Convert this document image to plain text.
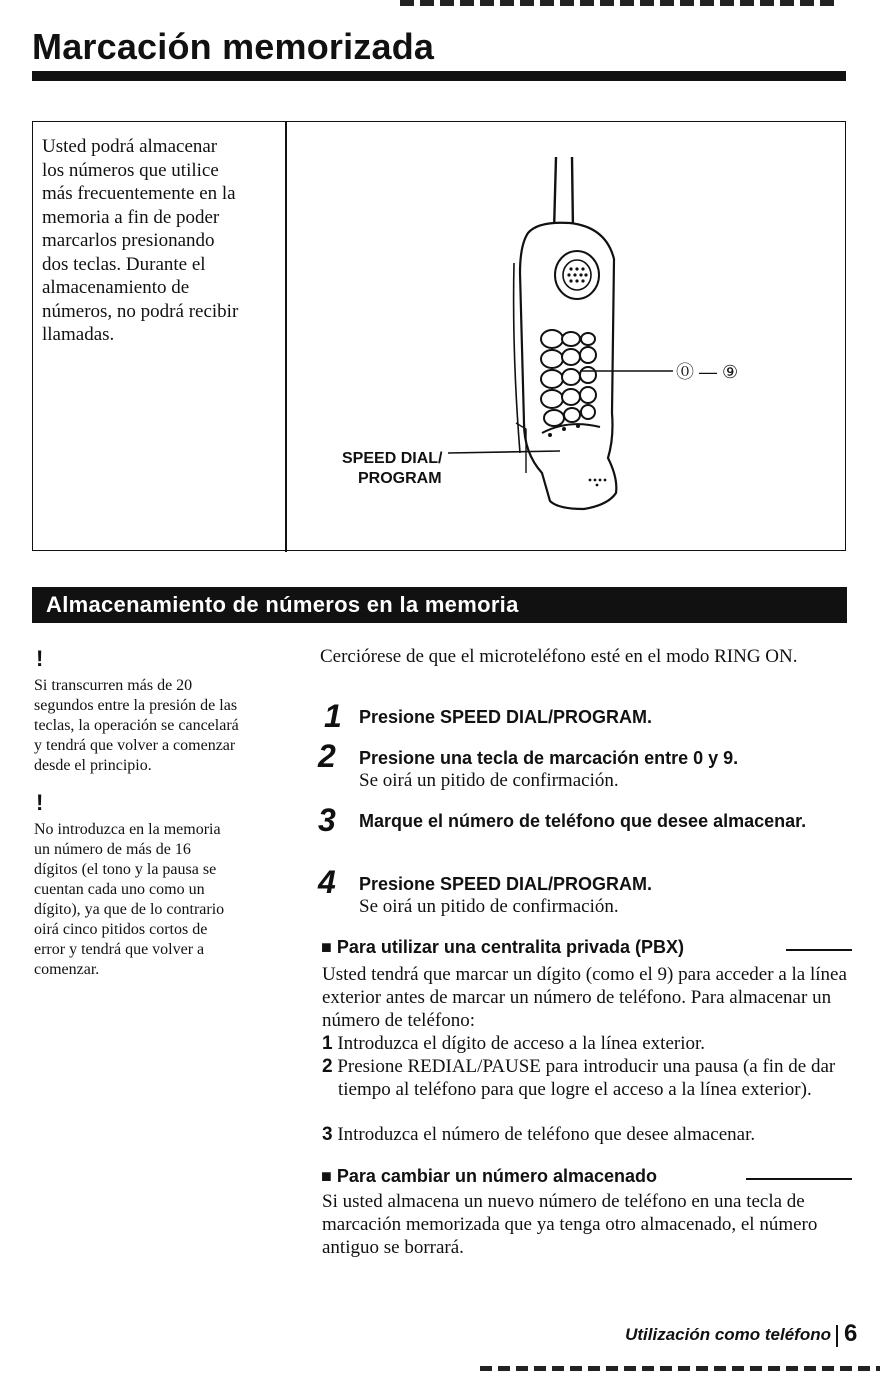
Marcación memorizada
Usted podrá almacenar
los números que utilice
más frecuentemente en la
memoria a fin de poder
marcarlos presionando
dos teclas. Durante el
almacenamiento de
números, no podrá recibir
llamadas.
⓪ — ⑨
SPEED DIAL/
PROGRAM
Almacenamiento de números en la memoria
!
Si transcurren más de 20
segundos entre la presión de las
teclas, la operación se cancelará
y tendrá que volver a comenzar
desde el principio.
!
No introduzca en la memoria
un número de más de 16
dígitos (el tono y la pausa se
cuentan cada uno como un
dígito), ya que de lo contrario
oirá cinco pitidos cortos de
error y tendrá que volver a
comenzar.
Cerciórese de que el microteléfono esté en el modo RING ON.
1 Presione SPEED DIAL/PROGRAM.
2 Presione una tecla de marcación entre 0 y 9.
Se oirá un pitido de confirmación.
3 Marque el número de teléfono que desee almacenar.
4 Presione SPEED DIAL/PROGRAM.
Se oirá un pitido de confirmación.
■ Para utilizar una centralita privada (PBX)
Usted tendrá que marcar un dígito (como el 9) para acceder a la línea exterior antes de marcar un número de teléfono. Para almacenar un número de teléfono:
1 Introduzca el dígito de acceso a la línea exterior.
2 Presione REDIAL/PAUSE para introducir una pausa (a fin de dar tiempo al teléfono para que logre el acceso a la línea exterior).
3 Introduzca el número de teléfono que desee almacenar.
■ Para cambiar un número almacenado
Si usted almacena un nuevo número de teléfono en una tecla de marcación memorizada que ya tenga otro almacenado, el número antiguo se borrará.
Utilización como teléfono 6
